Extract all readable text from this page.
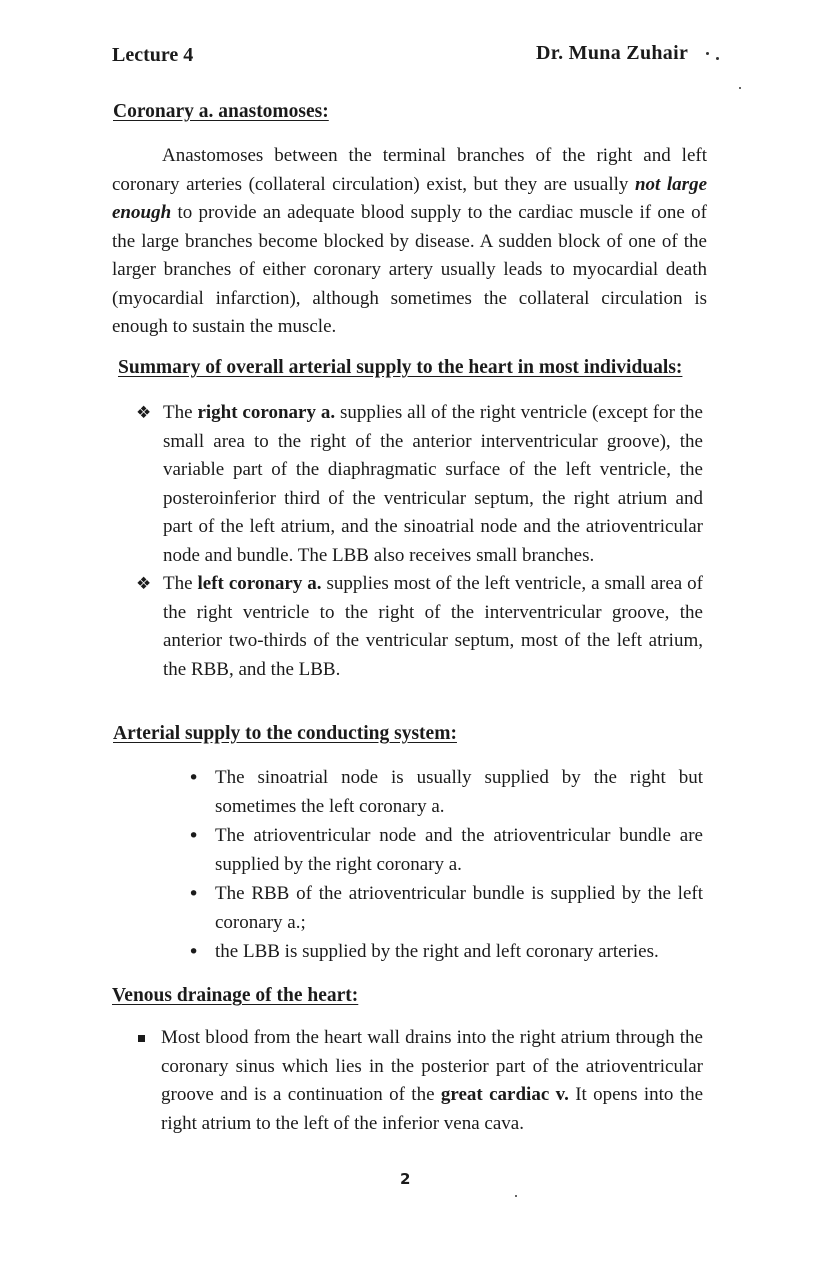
Lecture 4	Dr. Muna Zuhair
Coronary a. anastomoses:
Anastomoses between the terminal branches of the right and left coronary arteries (collateral circulation) exist, but they are usually not large enough to provide an adequate blood supply to the cardiac muscle if one of the large branches become blocked by disease. A sudden block of one of the larger branches of either coronary artery usually leads to myocardial death (myocardial infarction), although sometimes the collateral circulation is enough to sustain the muscle.
Summary of overall arterial supply to the heart in most individuals:
❖ The right coronary a. supplies all of the right ventricle (except for the small area to the right of the anterior interventricular groove), the variable part of the diaphragmatic surface of the left ventricle, the posteroinferior third of the ventricular septum, the right atrium and part of the left atrium, and the sinoatrial node and the atrioventricular node and bundle. The LBB also receives small branches.
❖ The left coronary a. supplies most of the left ventricle, a small area of the right ventricle to the right of the interventricular groove, the anterior two-thirds of the ventricular septum, most of the left atrium, the RBB, and the LBB.
Arterial supply to the conducting system:
• The sinoatrial node is usually supplied by the right but sometimes the left coronary a.
• The atrioventricular node and the atrioventricular bundle are supplied by the right coronary a.
• The RBB of the atrioventricular bundle is supplied by the left coronary a.;
• the LBB is supplied by the right and left coronary arteries.
Venous drainage of the heart:
Most blood from the heart wall drains into the right atrium through the coronary sinus which lies in the posterior part of the atrioventricular groove and is a continuation of the great cardiac v. It opens into the right atrium to the left of the inferior vena cava.
2
